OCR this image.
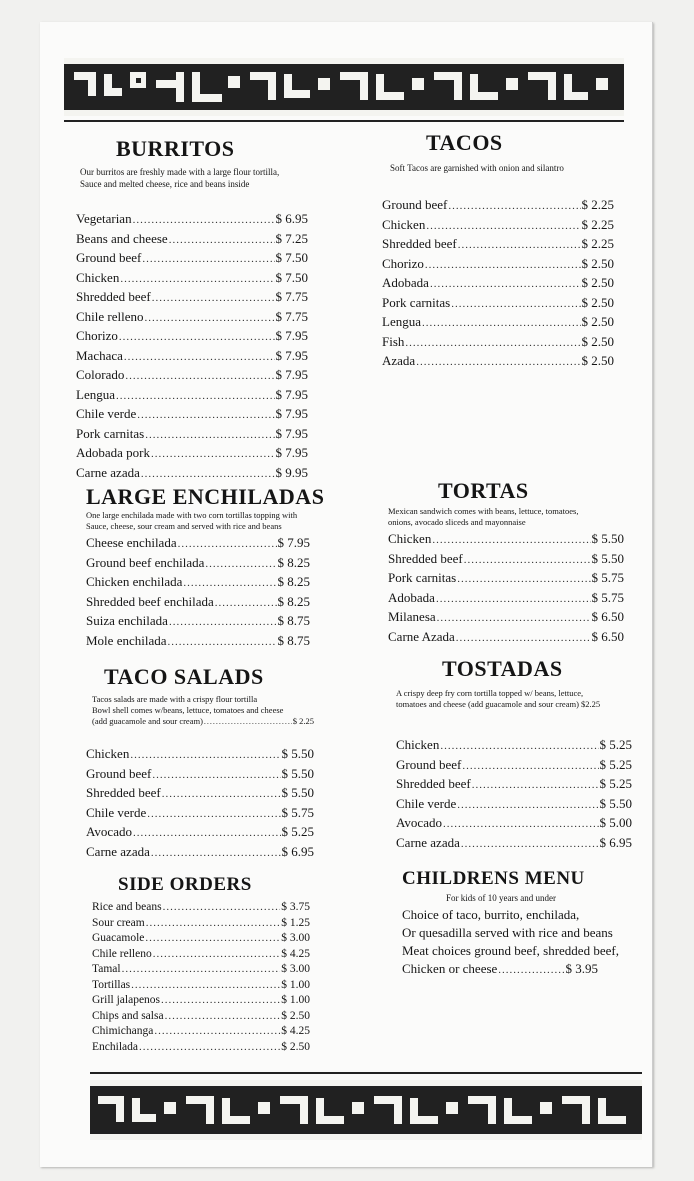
BURRITOS
Our burritos are freshly made with a large flour tortilla,
Sauce and melted cheese, rice and beans inside
Vegetarian .....	$ 6.95
Beans and cheese .....	$ 7.25
Ground beef .....	$ 7.50
Chicken .....	$ 7.50
Shredded beef .....	$ 7.75
Chile relleno .....	$ 7.75
Chorizo .....	$ 7.95
Machaca .....	$ 7.95
Colorado .....	$ 7.95
Lengua .....	$ 7.95
Chile verde .....	$ 7.95
Pork carnitas .....	$ 7.95
Adobada pork .....	$ 7.95
Carne azada .....	$ 9.95
TACOS
Soft Tacos are garnished with onion and silantro
Ground beef .....	$ 2.25
Chicken .....	$ 2.25
Shredded beef .....	$ 2.25
Chorizo .....	$ 2.50
Adobada .....	$ 2.50
Pork carnitas .....	$ 2.50
Lengua .....	$ 2.50
Fish .....	$ 2.50
Azada .....	$ 2.50
LARGE ENCHILADAS
One large enchilada made with two corn tortillas topping with
Sauce, cheese, sour cream and served with rice and beans
Cheese enchilada .....	$ 7.95
Ground beef enchilada .....	$ 8.25
Chicken enchilada .....	$ 8.25
Shredded beef enchilada .....	$ 8.25
Suiza enchilada .....	$ 8.75
Mole enchilada .....	$ 8.75
TORTAS
Mexican sandwich comes with beans, lettuce, tomatoes,
onions, avocado sliceds and mayonnaise
Chicken .....	$ 5.50
Shredded beef .....	$ 5.50
Pork carnitas .....	$ 5.75
Adobada .....	$ 5.75
Milanesa .....	$ 6.50
Carne Azada .....	$ 6.50
TACO SALADS
Tacos salads are made with a crispy flour tortilla
Bowl shell comes w/beans, lettuce, tomatoes and cheese
(add guacamole and sour cream) .....	$ 2.25
Chicken .....	$ 5.50
Ground beef .....	$ 5.50
Shredded beef .....	$ 5.50
Chile verde .....	$ 5.75
Avocado .....	$ 5.25
Carne azada .....	$ 6.95
TOSTADAS
A crispy deep fry corn tortilla topped w/ beans, lettuce,
tomatoes and cheese (add guacamole and sour cream) $2.25
Chicken .....	$ 5.25
Ground beef .....	$ 5.25
Shredded beef .....	$ 5.25
Chile verde .....	$ 5.50
Avocado .....	$ 5.00
Carne azada .....	$ 6.95
SIDE ORDERS
Rice and beans .....	$ 3.75
Sour cream .....	$ 1.25
Guacamole .....	$ 3.00
Chile relleno .....	$ 4.25
Tamal .....	$ 3.00
Tortillas .....	$ 1.00
Grill jalapenos .....	$ 1.00
Chips and salsa .....	$ 2.50
Chimichanga .....	$ 4.25
Enchilada .....	$ 2.50
CHILDRENS MENU
For kids of 10 years and under
Choice of taco, burrito, enchilada,
Or quesadilla served with rice and beans
Meat choices ground beef, shredded beef,
Chicken or cheese .....	$ 3.95
